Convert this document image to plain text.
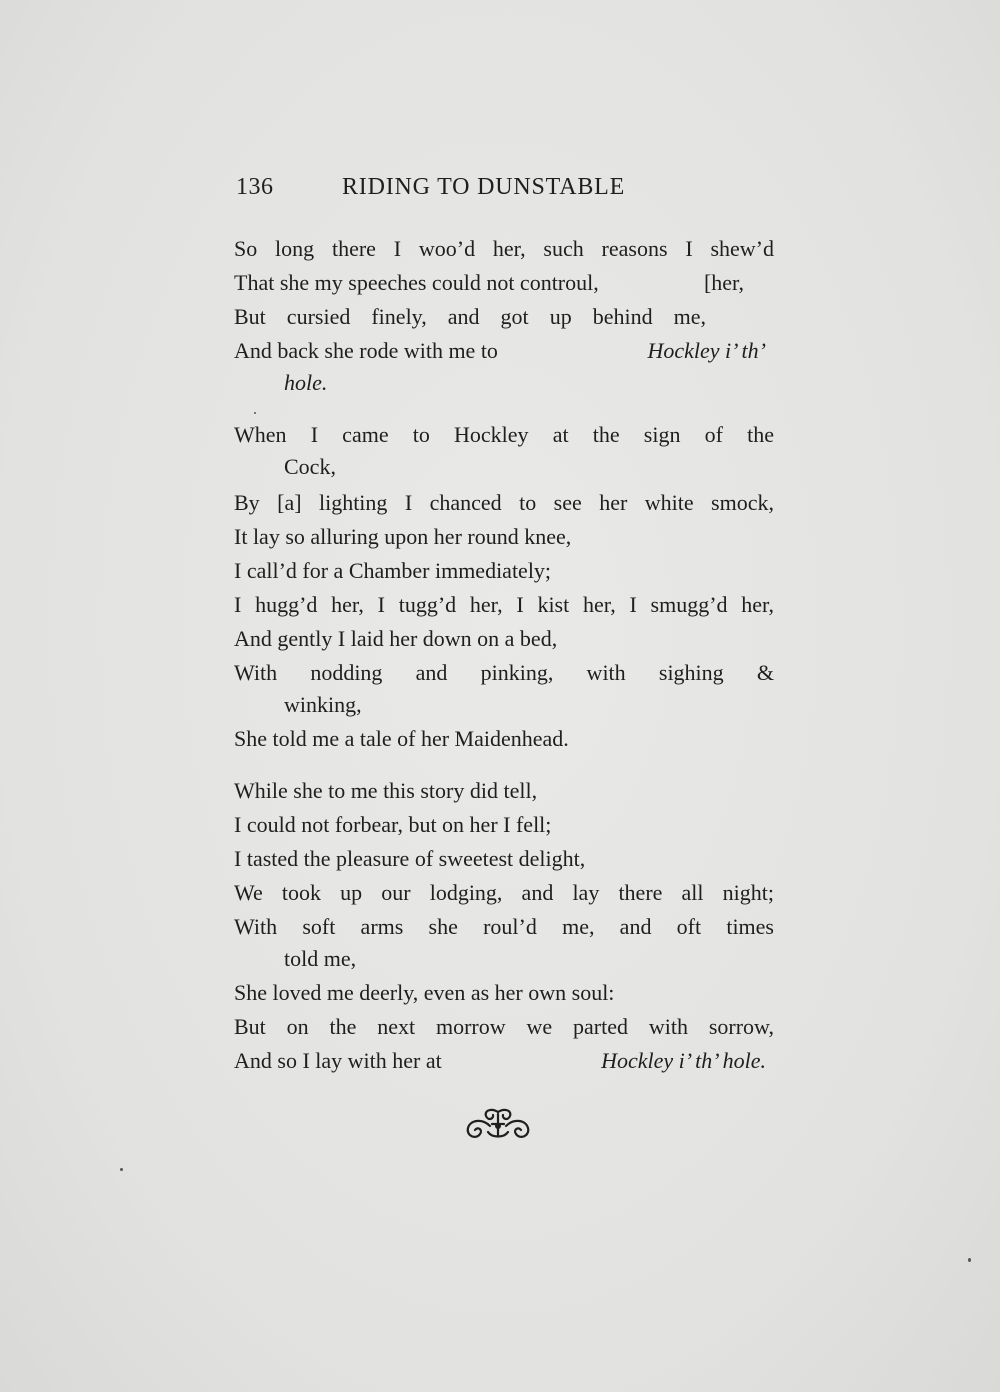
136	RIDING TO DUNSTABLE
So long there I woo’d her, such reasons I shew’d
That she my speeches could not controul,	[her,
But cursied finely, and got up behind me,
And back she rode with me to	Hockley i’ th’
hole.
When I came to Hockley at the sign of the
Cock,
By [a] lighting I chanced to see her white smock,
It lay so alluring upon her round knee,
I call’d for a Chamber immediately;
I hugg’d her, I tugg’d her, I kist her, I smugg’d her,
And gently I laid her down on a bed,
With nodding and pinking, with sighing &
winking,
She told me a tale of her Maidenhead.
While she to me this story did tell,
I could not forbear, but on her I fell;
I tasted the pleasure of sweetest delight,
We took up our lodging, and lay there all night;
With soft arms she roul’d me, and oft times
told me,
She loved me deerly, even as her own soul:
But on the next morrow we parted with sorrow,
And so I lay with her at	Hockley i’ th’ hole.
